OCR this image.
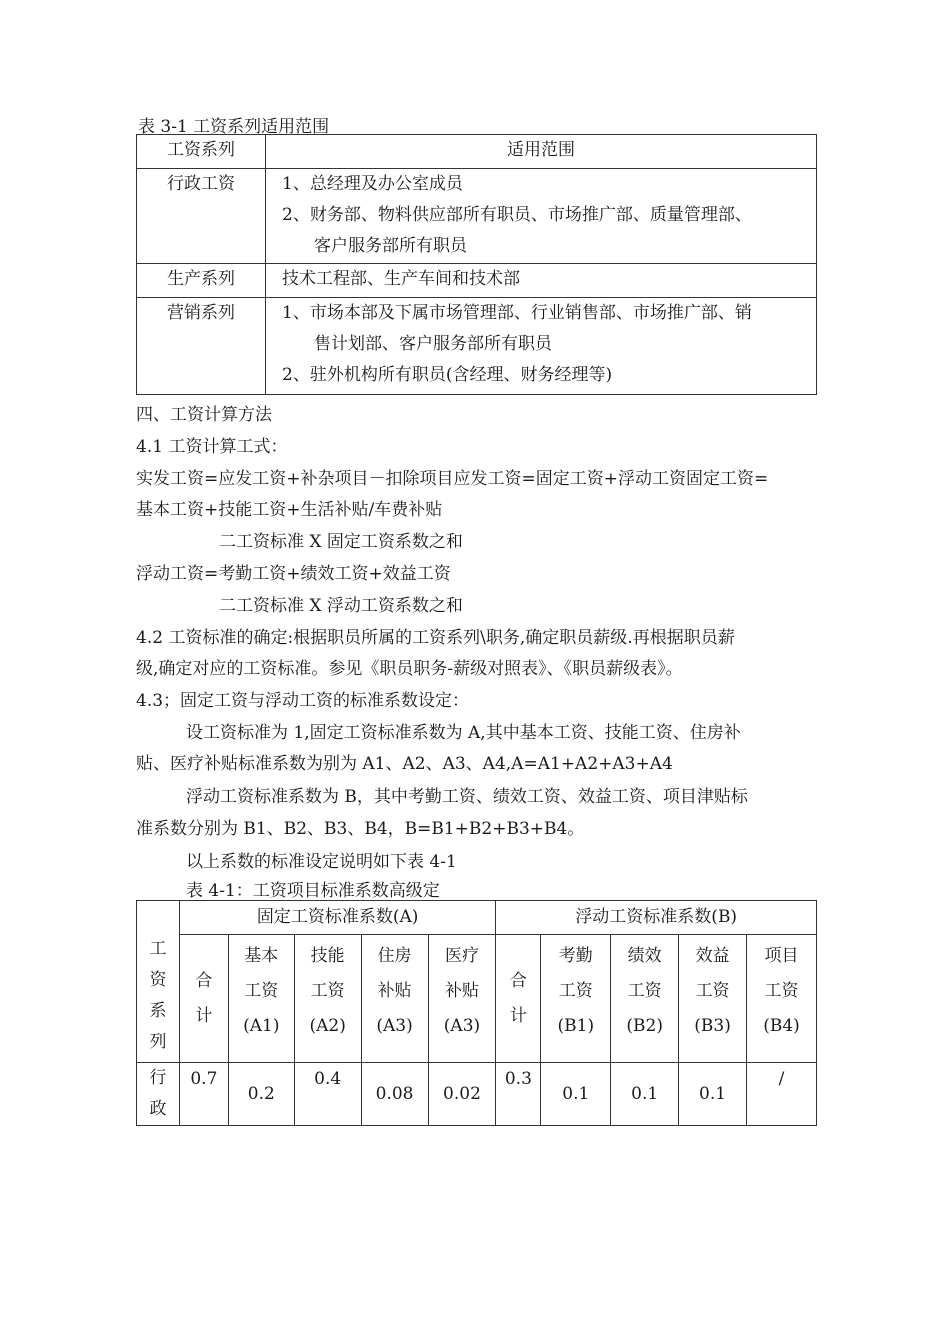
表 3-1 工资系列适用范围
工资系列	适用范围

行政工资	1、总经理及办公室成员
2、财务部、物料供应部所有职员、市场推广部、质量管理部、
客户服务部所有职员

生产系列	技术工程部、生产车间和技术部

营销系列	1、市场本部及下属市场管理部、行业销售部、市场推广部、销
售计划部、客户服务部所有职员
2、驻外机构所有职员(含经理、财务经理等)
四、工资计算方法
4.1 工资计算工式：
实发工资=应发工资+补杂项目－扣除项目应发工资=固定工资+浮动工资固定工资=
基本工资+技能工资+生活补贴/车费补贴
二工资标准 X 固定工资系数之和
浮动工资=考勤工资+绩效工资+效益工资
二工资标准 X 浮动工资系数之和
4.2 工资标准的确定:根据职员所属的工资系列\职务,确定职员薪级.再根据职员薪
级,确定对应的工资标准。参见《职员职务-薪级对照表》、《职员薪级表》。
4.3；固定工资与浮动工资的标准系数设定：
设工资标准为 1,固定工资标准系数为 A,其中基本工资、技能工资、住房补
贴、医疗补贴标准系数为别为 A1、A2、A3、A4,A=A1+A2+A3+A4
浮动工资标准系数为 B，其中考勤工资、绩效工资、效益工资、项目津贴标
准系数分别为 B1、B2、B3、B4，B=B1+B2+B3+B4。
以上系数的标准设定说明如下表 4-1
表 4-1：工资项目标准系数高级定
工
资
系
列	固定工资标准系数(A)					浮动工资标准系数(B)				

	合
计	基本
工资
(A1)	技能
工资
(A2)	住房
补贴
(A3)	医疗
补贴
(A3)	合
计	考勤
工资
(B1)	绩效
工资
(B2)	效益
工资
(B3)	项目
工资
(B4)

行
政	0.7	0.2	0.4	0.08	0.02	0.3	0.1	0.1	0.1	/
